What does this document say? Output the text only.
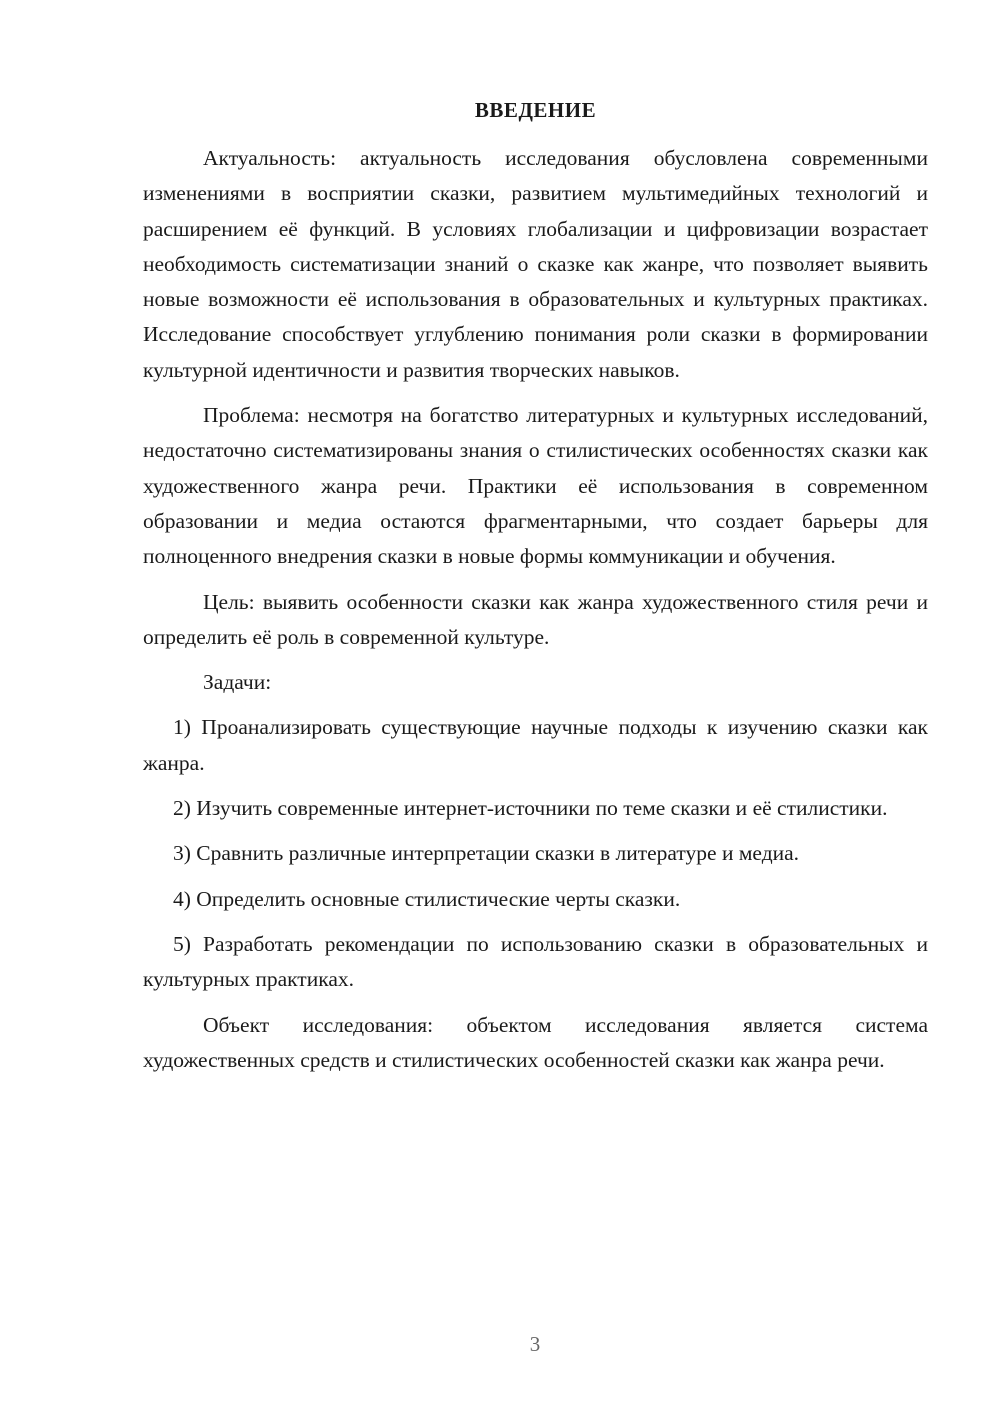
ВВЕДЕНИЕ

Актуальность: актуальность исследования обусловлена современными изменениями в восприятии сказки, развитием мультимедийных технологий и расширением её функций. В условиях глобализации и цифровизации возрастает необходимость систематизации знаний о сказке как жанре, что позволяет выявить новые возможности её использования в образовательных и культурных практиках. Исследование способствует углублению понимания роли сказки в формировании культурной идентичности и развития творческих навыков.

Проблема: несмотря на богатство литературных и культурных исследований, недостаточно систематизированы знания о стилистических особенностях сказки как художественного жанра речи. Практики её использования в современном образовании и медиа остаются фрагментарными, что создает барьеры для полноценного внедрения сказки в новые формы коммуникации и обучения.

Цель: выявить особенности сказки как жанра художественного стиля речи и определить её роль в современной культуре.

Задачи:

1) Проанализировать существующие научные подходы к изучению сказки как жанра.

2) Изучить современные интернет-источники по теме сказки и её стилистики.

3) Сравнить различные интерпретации сказки в литературе и медиа.

4) Определить основные стилистические черты сказки.

5) Разработать рекомендации по использованию сказки в образовательных и культурных практиках.

Объект исследования: объектом исследования является система художественных средств и стилистических особенностей сказки как жанра речи.

3
